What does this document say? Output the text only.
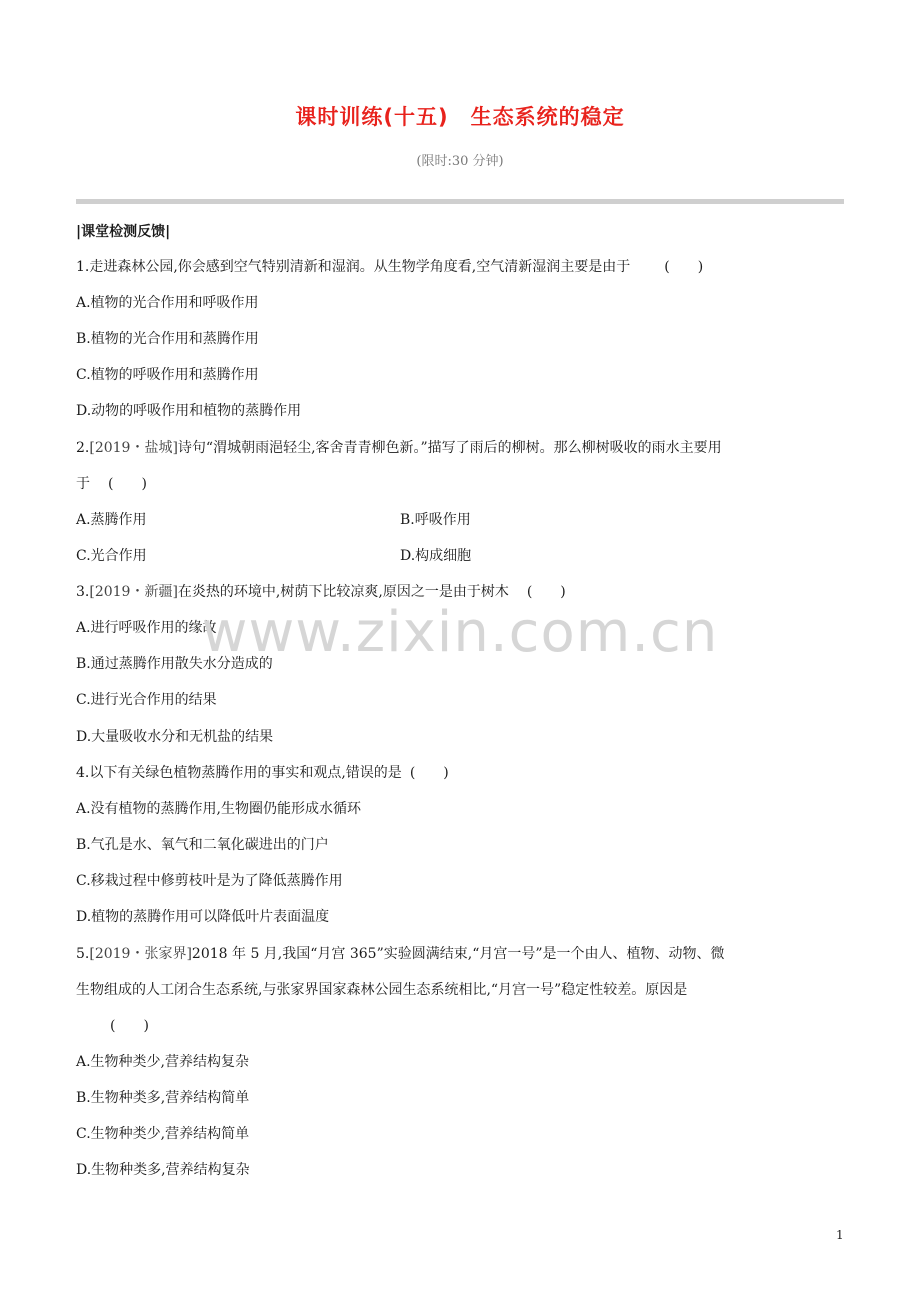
课时训练(十五)　生态系统的稳定
(限时:30 分钟)
|课堂检测反馈|
1.走进森林公园,你会感到空气特别清新和湿润。从生物学角度看,空气清新湿润主要是由于 (　　)
A.植物的光合作用和呼吸作用
B.植物的光合作用和蒸腾作用
C.植物的呼吸作用和蒸腾作用
D.动物的呼吸作用和植物的蒸腾作用
2.[2019・盐城]诗句“渭城朝雨浥轻尘,客舍青青柳色新。”描写了雨后的柳树。那么柳树吸收的雨水主要用
于 (　　)
A.蒸腾作用	B.呼吸作用
C.光合作用	D.构成细胞
3.[2019・新疆]在炎热的环境中,树荫下比较凉爽,原因之一是由于树木 (　　)
A.进行呼吸作用的缘故
B.通过蒸腾作用散失水分造成的
C.进行光合作用的结果
D.大量吸收水分和无机盐的结果
4.以下有关绿色植物蒸腾作用的事实和观点,错误的是 (　　)
A.没有植物的蒸腾作用,生物圈仍能形成水循环
B.气孔是水、氧气和二氧化碳进出的门户
C.移栽过程中修剪枝叶是为了降低蒸腾作用
D.植物的蒸腾作用可以降低叶片表面温度
5.[2019・张家界]2018 年 5 月,我国“月宫 365”实验圆满结束,“月宫一号”是一个由人、植物、动物、微
生物组成的人工闭合生态系统,与张家界国家森林公园生态系统相比,“月宫一号”稳定性较差。原因是
(　　)
A.生物种类少,营养结构复杂
B.生物种类多,营养结构简单
C.生物种类少,营养结构简单
D.生物种类多,营养结构复杂
www.zixin.com.cn
1
